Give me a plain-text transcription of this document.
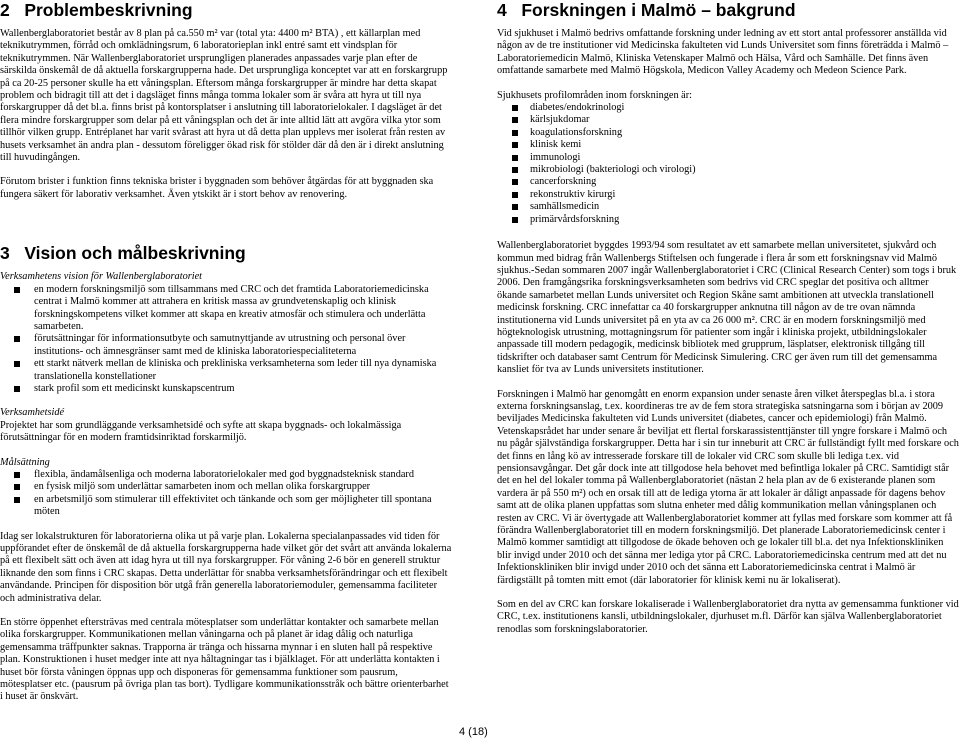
2   Problembeskrivning

Wallenberglaboratoriet består av 8 plan på ca.550 m² var (total yta: 4400 m² BTA) , ett källarplan med teknikutrymmen, förråd och omklädningsrum, 6 laboratorieplan inkl entré samt ett vindsplan för teknikutrymmen. När Wallenberglaboratoriet ursprungligen planerades anpassades varje plan efter de särskilda önskemål de då aktuella forskargrupperna hade. Det ursprungliga konceptet var att en forskargrupp på ca 20-25 personer skulle ha ett våningsplan. Eftersom många forskargrupper är mindre har detta skapat problem och bidragit till att det i dagsläget finns många tomma lokaler som är svåra att hyra ut till nya forskargrupper då det bl.a. finns brist på kontorsplatser i anslutning till laboratorielokaler. I dagsläget är det flera mindre forskargrupper som delar på ett våningsplan och det är inte alltid lätt att avgöra vilka ytor som tillhör vilken grupp. Entréplanet har varit svårast att hyra ut då detta plan upplevs mer isolerat från resten av husets verksamhet än andra plan - dessutom föreligger ökad risk för stölder där då den är i direkt anslutning till huvudingången.

Förutom brister i funktion finns tekniska brister i byggnaden som behöver åtgärdas för att byggnaden ska fungera säkert för laborativ verksamhet. Även ytskikt är i stort behov av renovering.

3   Vision och målbeskrivning

Verksamhetens vision för Wallenberglaboratoriet

en modern forskningsmiljö som tillsammans med CRC och det framtida Laboratoriemedicinska centrat i Malmö kommer att attrahera en kritisk massa av grundvetenskaplig och klinisk forskningskompetens vilket kommer att skapa en kreativ atmosfär och stimulera och underlätta samarbeten.
förutsättningar för informationsutbyte och samutnyttjande av utrustning och personal över institutions- och ämnesgränser samt med de kliniska laboratoriespecialiteterna
ett starkt nätverk mellan de kliniska och prekliniska verksamheterna som leder till nya dynamiska translationella konstellationer
stark profil som ett medicinskt kunskapscentrum

Verksamhetsidé

Projektet har som grundläggande verksamhetsidé och syfte att skapa byggnads- och lokalmässiga förutsättningar för en modern framtidsinriktad forskarmiljö.

Målsättning

flexibla, ändamålsenliga och moderna laboratorielokaler med god byggnadsteknisk standard
en fysisk miljö som underlättar samarbeten inom och mellan olika forskargrupper
en arbetsmiljö som stimulerar till effektivitet och tänkande och som ger möjligheter till spontana möten

Idag ser lokalstrukturen för laboratorierna olika ut på varje plan. Lokalerna specialanpassades vid tiden för uppförandet efter de önskemål de då aktuella forskargrupperna hade vilket gör det svårt att använda lokalerna på ett flexibelt sätt och även att idag hyra ut till nya forskargrupper. För våning 2-6 bör en generell struktur liknande den som finns i CRC skapas. Detta underlättar för snabba verksamhetsförändringar och ett flexibelt användande. Principen för disposition bör utgå från generella laboratoriemoduler, gemensamma faciliteter och administrativa delar.

En större öppenhet eftersträvas med centrala mötesplatser som underlättar kontakter och samarbete mellan olika forskargrupper. Kommunikationen mellan våningarna och på planet är idag dålig och naturliga gemensamma träffpunkter saknas. Trapporna är tränga och hissarna mynnar i en sluten hall på respektive plan. Konstruktionen i huset medger inte att nya håltagningar tas i bjälklaget. För att underlätta kontakten i huset bör första våningen öppnas upp och disponeras för gemensamma funktioner som pausrum, mötesplatser etc. (pausrum på övriga plan tas bort). Tydligare kommunikationsstråk och bättre orienterbarhet i huset är önskvärt.

4   Forskningen i Malmö – bakgrund

Vid sjukhuset i Malmö bedrivs omfattande forskning under ledning av ett stort antal professorer anställda vid någon av de tre institutioner vid Medicinska fakulteten vid Lunds Universitet som finns företrädda i Malmö – Laboratoriemedicin Malmö, Kliniska Vetenskaper Malmö och Hälsa, Vård och Samhälle. Det finns även omfattande samarbete med Malmö Högskola, Medicon Valley Academy och Medeon Science Park.

Sjukhusets profilområden inom forskningen är:

diabetes/endokrinologi
kärlsjukdomar
koagulationsforskning
klinisk kemi
immunologi
mikrobiologi (bakteriologi och virologi)
cancerforskning
rekonstruktiv kirurgi
samhällsmedicin
primärvårdsforskning

Wallenberglaboratoriet byggdes 1993/94 som resultatet av ett samarbete mellan universitetet, sjukvård och kommun med bidrag från Wallenbergs Stiftelsen och fungerade i flera år som ett forskningsnav vid Malmö sjukhus.-Sedan sommaren 2007 ingår Wallenberglaboratoriet i CRC (Clinical Research Center) som togs i bruk 2006. Den framgångsrika forskningsverksamheten som bedrivs vid CRC speglar det positiva och alltmer ökande samarbetet mellan Lunds universitet och Region Skåne samt ambitionen att utveckla translationell medicinsk forskning. CRC innefattar ca 40 forskargrupper anknutna till någon av de tre ovan nämnda institutionerna vid Lunds universitet på en yta av ca 26 000 m². CRC är en modern forskningsmiljö med högteknologisk utrustning, mottagningsrum för patienter som ingår i kliniska projekt, utbildningslokaler anpassade till modern pedagogik, medicinsk bibliotek med grupprum, läsplatser, elektronisk tillgång till tidskrifter och databaser samt Centrum för Medicinsk Simulering. CRC ger även rum till det gemensamma kansliet för tva av Lunds universitets institutioner.

Forskningen i Malmö har genomgått en enorm expansion under senaste åren vilket återspeglas bl.a. i stora externa forskningsanslag, t.ex. koordineras tre av de fem stora strategiska satsningarna som i början av 2009 beviljades Medicinska fakulteten vid Lunds universitet (diabetes, cancer och epidemiologi) från Malmö. Vetenskapsrådet har under senare år beviljat ett flertal forskarassistenttjänster till yngre forskare i Malmö och nu pågår självständiga forskargrupper. Detta har i sin tur inneburit att CRC är fullständigt fyllt med forskare och det finns en lång kö av intresserade forskare till de lokaler vid CRC som skulle bli lediga t.ex. vid pensionsavgångar. Det går dock inte att tillgodose hela behovet med befintliga lokaler på CRC. Samtidigt står det en hel del lokaler tomma på Wallenberglaboratoriet (nästan 2 hela plan av de 6 existerande planen som vardera är på 550 m²) och en orsak till att de lediga ytorna är att lokaler är dåligt anpassade för dagens behov samt att de olika planen uppfattas som slutna enheter med dålig kommunikation mellan våningsplanen och resten av CRC. Vi är övertygade att Wallenberglaboratoriet kommer att fyllas med forskare som kommer att få förändra Wallenberglaboratoriet till en modern forskningsmiljö. Det planerade Laboratoriemedicinsk center i Malmö kommer samtidigt att tillgodose de ökade behoven och ge lokaler till bl.a. det nya Infektionskliniken blir invigd under 2010 och det sänna mer lediga ytor på CRC. Laboratoriemedicinska centrum med att det nu Infektionskliniken blir invigd under 2010 och det sänna ett Laboratoriemedicinska centrat i Malmö är färdigställt på tomten mitt emot (där laboratorier för klinisk kemi nu är lokaliserat).

Som en del av CRC kan forskare lokaliserade i Wallenberglaboratoriet dra nytta av gemensamma funktioner vid CRC, t.ex. institutionens kansli, utbildningslokaler, djurhuset m.fl. Därför kan själva Wallenberglaboratoriet renodlas som forskningslaboratorier.

4 (18)
